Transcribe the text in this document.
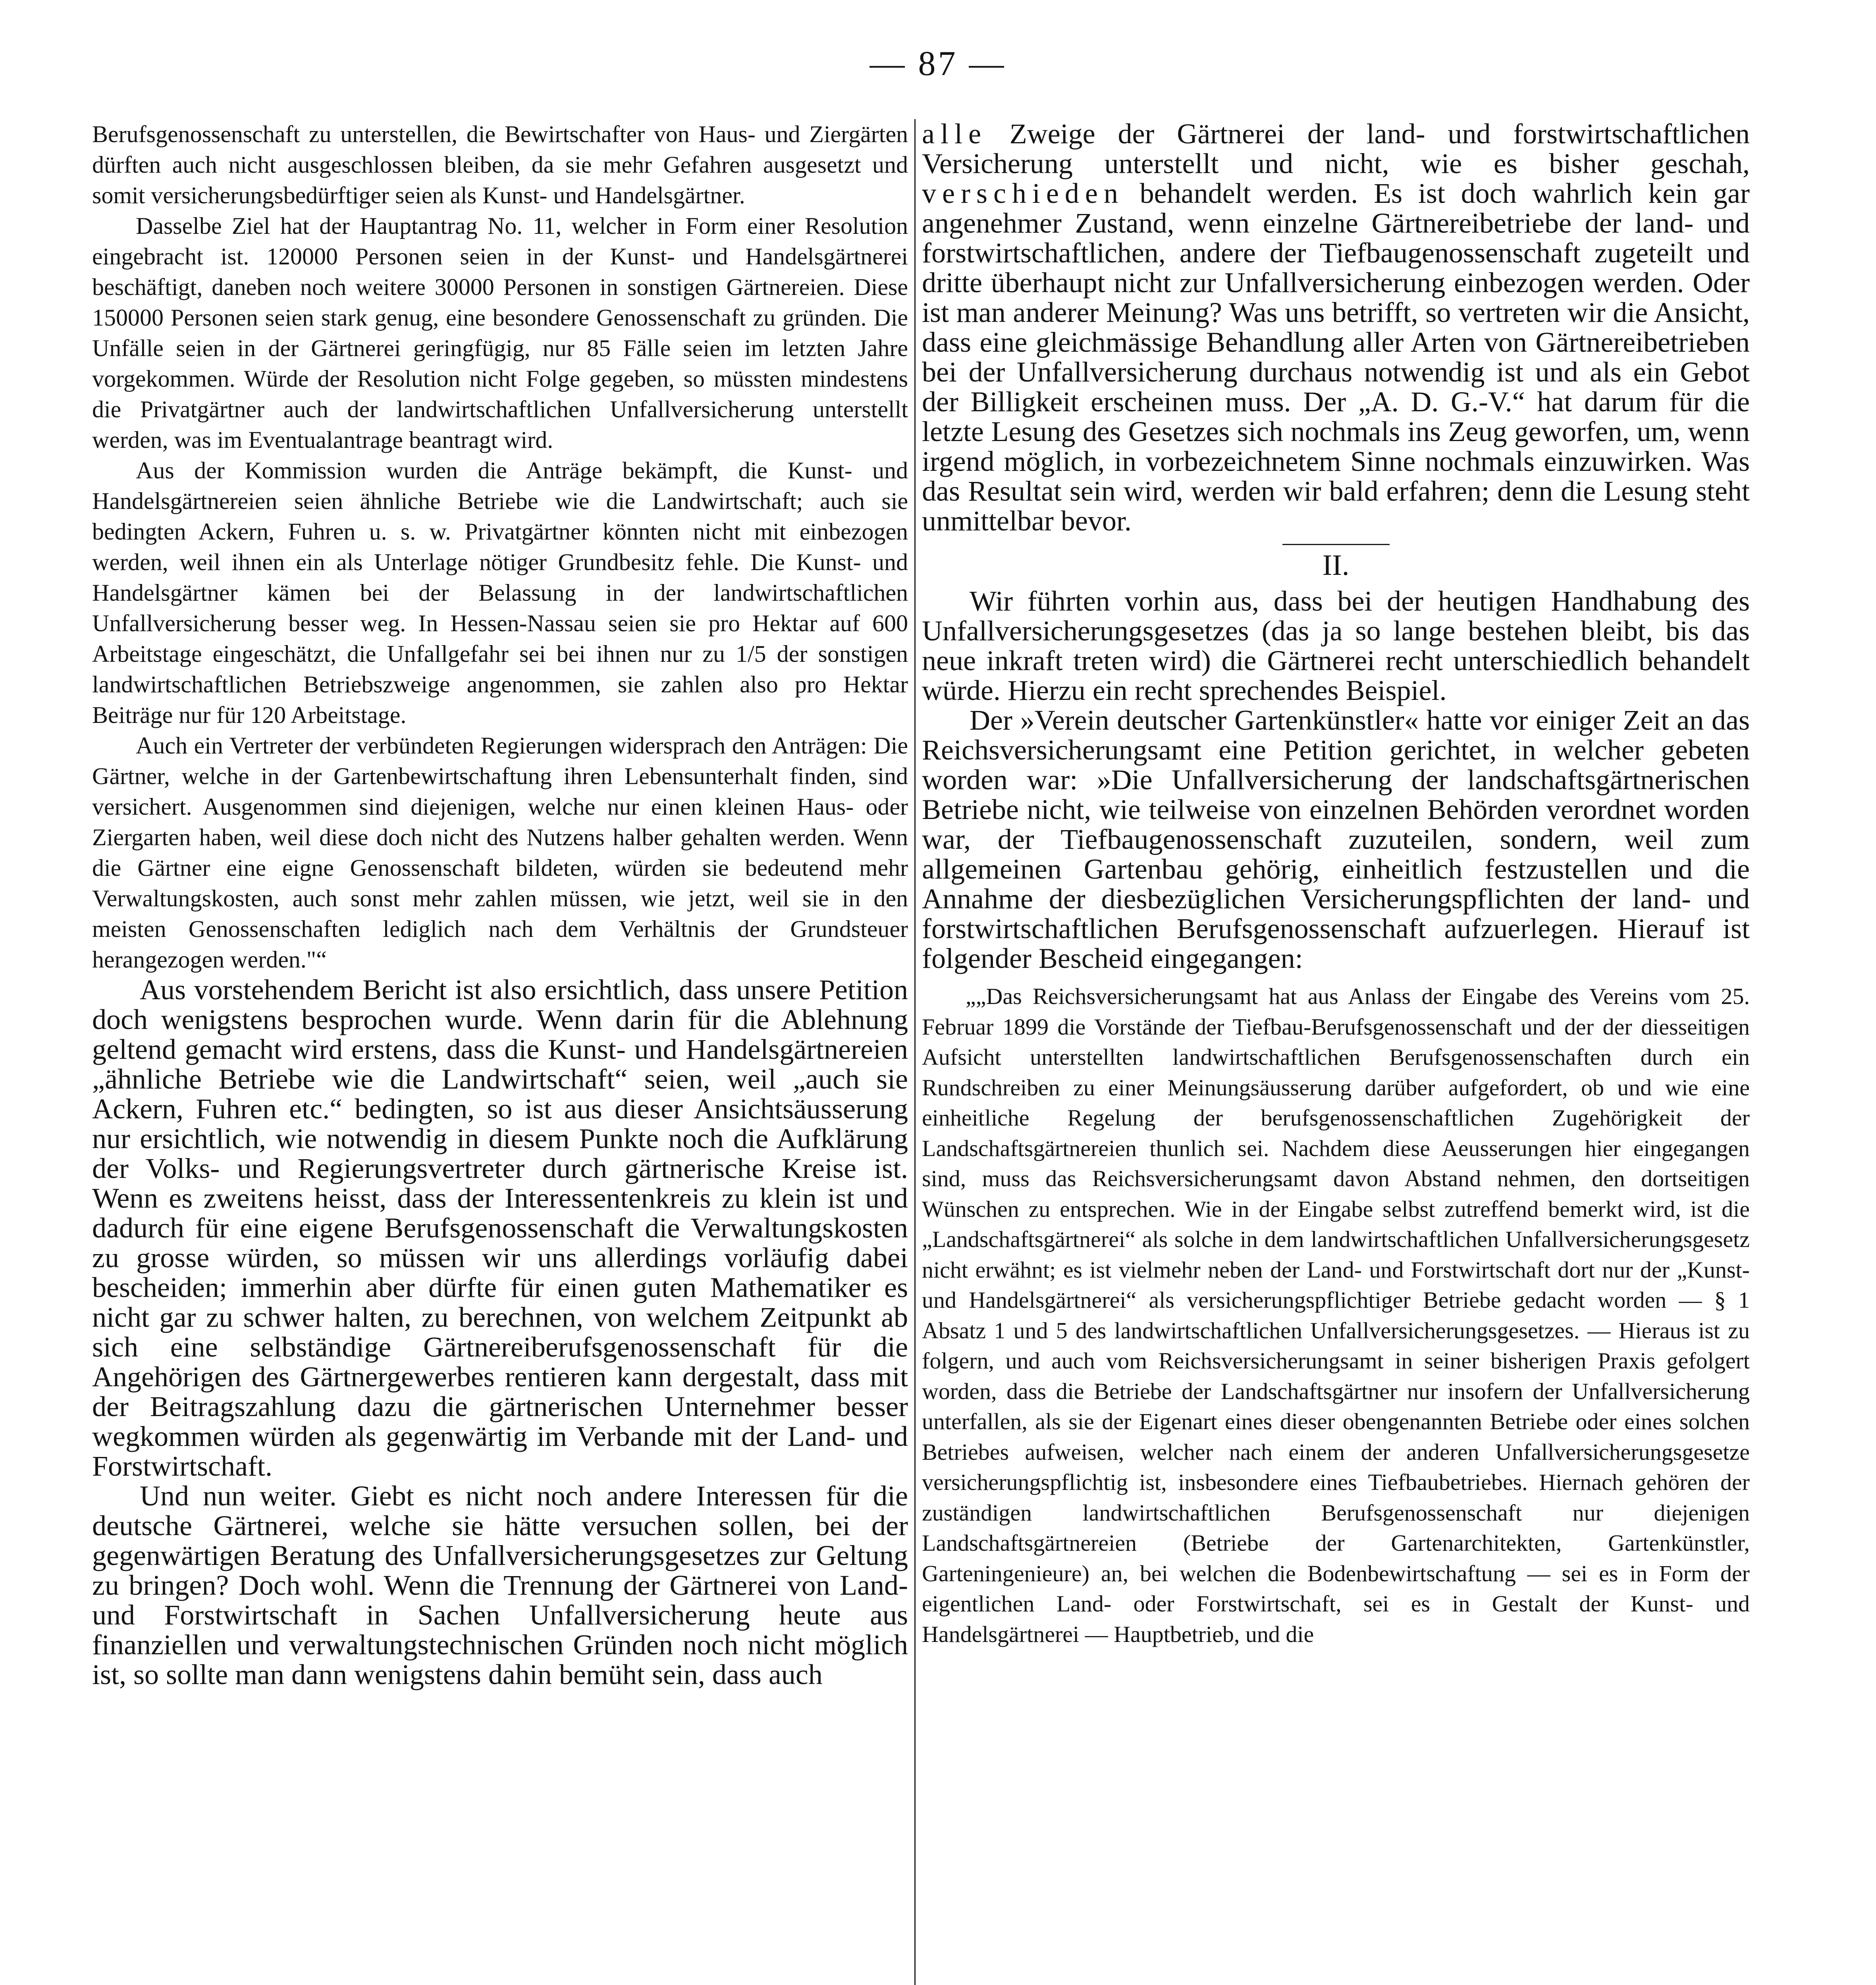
— 87 —

Berufsgenossenschaft zu unterstellen, die Bewirtschafter von Haus- und Ziergärten dürften auch nicht ausgeschlossen bleiben, da sie mehr Gefahren ausgesetzt und somit versicherungsbedürftiger seien als Kunst- und Handelsgärtner.

Dasselbe Ziel hat der Hauptantrag No. 11, welcher in Form einer Resolution eingebracht ist. 120000 Personen seien in der Kunst- und Handelsgärtnerei beschäftigt, daneben noch weitere 30000 Personen in sonstigen Gärtnereien. Diese 150000 Personen seien stark genug, eine besondere Genossenschaft zu gründen. Die Unfälle seien in der Gärtnerei geringfügig, nur 85 Fälle seien im letzten Jahre vorgekommen. Würde der Resolution nicht Folge gegeben, so müssten mindestens die Privatgärtner auch der landwirtschaftlichen Unfallversicherung unterstellt werden, was im Eventualantrage beantragt wird.

Aus der Kommission wurden die Anträge bekämpft, die Kunst- und Handelsgärtnereien seien ähnliche Betriebe wie die Landwirtschaft; auch sie bedingten Ackern, Fuhren u. s. w. Privatgärtner könnten nicht mit einbezogen werden, weil ihnen ein als Unterlage nötiger Grundbesitz fehle. Die Kunst- und Handelsgärtner kämen bei der Belassung in der landwirtschaftlichen Unfallversicherung besser weg. In Hessen-Nassau seien sie pro Hektar auf 600 Arbeitstage eingeschätzt, die Unfallgefahr sei bei ihnen nur zu 1/5 der sonstigen landwirtschaftlichen Betriebszweige angenommen, sie zahlen also pro Hektar Beiträge nur für 120 Arbeitstage.

Auch ein Vertreter der verbündeten Regierungen widersprach den Anträgen: Die Gärtner, welche in der Gartenbewirtschaftung ihren Lebensunterhalt finden, sind versichert. Ausgenommen sind diejenigen, welche nur einen kleinen Haus- oder Ziergarten haben, weil diese doch nicht des Nutzens halber gehalten werden. Wenn die Gärtner eine eigne Genossenschaft bildeten, würden sie bedeutend mehr Verwaltungskosten, auch sonst mehr zahlen müssen, wie jetzt, weil sie in den meisten Genossenschaften lediglich nach dem Verhältnis der Grundsteuer herangezogen werden."“

Aus vorstehendem Bericht ist also ersichtlich, dass unsere Petition doch wenigstens besprochen wurde. Wenn darin für die Ablehnung geltend gemacht wird erstens, dass die Kunst- und Handelsgärtnereien „ähnliche Betriebe wie die Landwirtschaft“ seien, weil „auch sie Ackern, Fuhren etc.“ bedingten, so ist aus dieser Ansichtsäusserung nur ersichtlich, wie notwendig in diesem Punkte noch die Aufklärung der Volks- und Regierungsvertreter durch gärtnerische Kreise ist. Wenn es zweitens heisst, dass der Interessentenkreis zu klein ist und dadurch für eine eigene Berufsgenossenschaft die Verwaltungskosten zu grosse würden, so müssen wir uns allerdings vorläufig dabei bescheiden; immerhin aber dürfte für einen guten Mathematiker es nicht gar zu schwer halten, zu berechnen, von welchem Zeitpunkt ab sich eine selbständige Gärtnereiberufsgenossenschaft für die Angehörigen des Gärtnergewerbes rentieren kann dergestalt, dass mit der Beitragszahlung dazu die gärtnerischen Unternehmer besser wegkommen würden als gegenwärtig im Verbande mit der Land- und Forstwirtschaft.

Und nun weiter. Giebt es nicht noch andere Interessen für die deutsche Gärtnerei, welche sie hätte versuchen sollen, bei der gegenwärtigen Beratung des Unfallversicherungsgesetzes zur Geltung zu bringen? Doch wohl. Wenn die Trennung der Gärtnerei von Land- und Forstwirtschaft in Sachen Unfallversicherung heute aus finanziellen und verwaltungstechnischen Gründen noch nicht möglich ist, so sollte man dann wenigstens dahin bemüht sein, dass auch

alle Zweige der Gärtnerei der land- und forstwirtschaftlichen Versicherung unterstellt und nicht, wie es bisher geschah, verschieden behandelt werden. Es ist doch wahrlich kein gar angenehmer Zustand, wenn einzelne Gärtnereibetriebe der land- und forstwirtschaftlichen, andere der Tiefbaugenossenschaft zugeteilt und dritte überhaupt nicht zur Unfallversicherung einbezogen werden. Oder ist man anderer Meinung? Was uns betrifft, so vertreten wir die Ansicht, dass eine gleichmässige Behandlung aller Arten von Gärtnereibetrieben bei der Unfallversicherung durchaus notwendig ist und als ein Gebot der Billigkeit erscheinen muss. Der „A. D. G.-V.“ hat darum für die letzte Lesung des Gesetzes sich nochmals ins Zeug geworfen, um, wenn irgend möglich, in vorbezeichnetem Sinne nochmals einzuwirken. Was das Resultat sein wird, werden wir bald erfahren; denn die Lesung steht unmittelbar bevor.

II.

Wir führten vorhin aus, dass bei der heutigen Handhabung des Unfallversicherungsgesetzes (das ja so lange bestehen bleibt, bis das neue inkraft treten wird) die Gärtnerei recht unterschiedlich behandelt würde. Hierzu ein recht sprechendes Beispiel.

Der »Verein deutscher Gartenkünstler« hatte vor einiger Zeit an das Reichsversicherungsamt eine Petition gerichtet, in welcher gebeten worden war: »Die Unfallversicherung der landschaftsgärtnerischen Betriebe nicht, wie teilweise von einzelnen Behörden verordnet worden war, der Tiefbaugenossenschaft zuzuteilen, sondern, weil zum allgemeinen Gartenbau gehörig, einheitlich festzustellen und die Annahme der diesbezüglichen Versicherungspflichten der land- und forstwirtschaftlichen Berufsgenossenschaft aufzuerlegen. Hierauf ist folgender Bescheid eingegangen:

„„Das Reichsversicherungsamt hat aus Anlass der Eingabe des Vereins vom 25. Februar 1899 die Vorstände der Tiefbau-Berufsgenossenschaft und der der diesseitigen Aufsicht unterstellten landwirtschaftlichen Berufsgenossenschaften durch ein Rundschreiben zu einer Meinungsäusserung darüber aufgefordert, ob und wie eine einheitliche Regelung der berufsgenossenschaftlichen Zugehörigkeit der Landschaftsgärtnereien thunlich sei. Nachdem diese Aeusserungen hier eingegangen sind, muss das Reichsversicherungsamt davon Abstand nehmen, den dortseitigen Wünschen zu entsprechen. Wie in der Eingabe selbst zutreffend bemerkt wird, ist die „Landschaftsgärtnerei“ als solche in dem landwirtschaftlichen Unfallversicherungsgesetz nicht erwähnt; es ist vielmehr neben der Land- und Forstwirtschaft dort nur der „Kunst- und Handelsgärtnerei“ als versicherungspflichtiger Betriebe gedacht worden — § 1 Absatz 1 und 5 des landwirtschaftlichen Unfallversicherungsgesetzes. — Hieraus ist zu folgern, und auch vom Reichsversicherungsamt in seiner bisherigen Praxis gefolgert worden, dass die Betriebe der Landschaftsgärtner nur insofern der Unfallversicherung unterfallen, als sie der Eigenart eines dieser obengenannten Betriebe oder eines solchen Betriebes aufweisen, welcher nach einem der anderen Unfallversicherungsgesetze versicherungspflichtig ist, insbesondere eines Tiefbaubetriebes. Hiernach gehören der zuständigen landwirtschaftlichen Berufsgenossenschaft nur diejenigen Landschaftsgärtnereien (Betriebe der Gartenarchitekten, Gartenkünstler, Garteningenieure) an, bei welchen die Bodenbewirtschaftung — sei es in Form der eigentlichen Land- oder Forstwirtschaft, sei es in Gestalt der Kunst- und Handelsgärtnerei — Hauptbetrieb, und die
